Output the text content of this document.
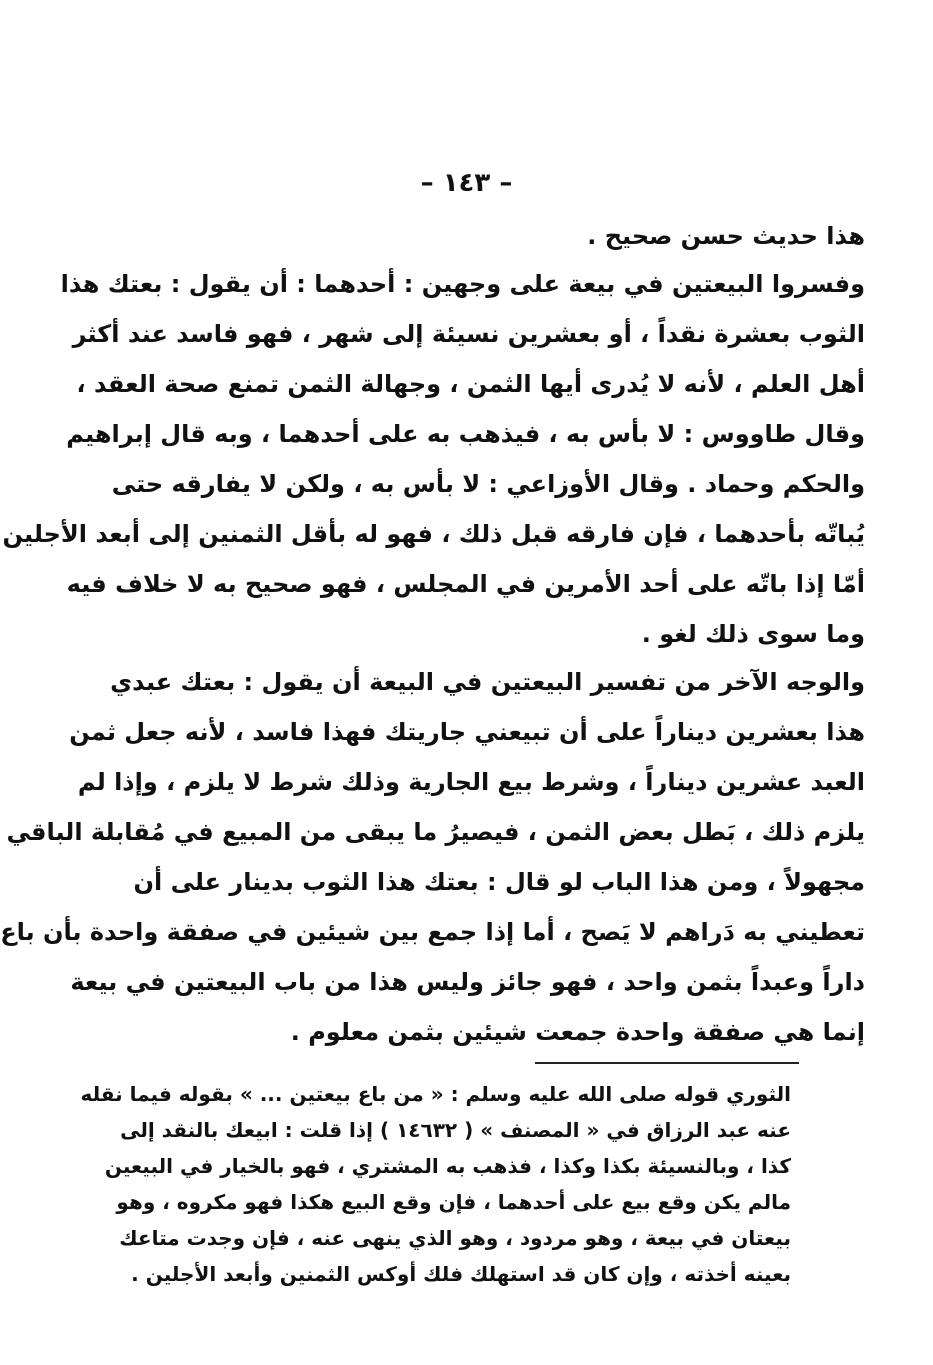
– ١٤٣ –
هذا حديث حسن صحيح .
وفسروا البيعتين في بيعة على وجهين : أحدهما : أن يقول : بعتك هذا
الثوب بعشرة نقداً ، أو بعشرين نسيئة إلى شهر ، فهو فاسد عند أكثر
أهل العلم ، لأنه لا يُدرى أيها الثمن ، وجهالة الثمن تمنع صحة العقد ،
وقال طاووس : لا بأس به ، فيذهب به على أحدهما ، وبه قال إبراهيم
والحكم وحماد . وقال الأوزاعي : لا بأس به ، ولكن لا يفارقه حتى
يُباتّه بأحدهما ، فإن فارقه قبل ذلك ، فهو له بأقل الثمنين إلى أبعد الأجلين
أمّا إذا باتّه على أحد الأمرين في المجلس ، فهو صحيح به لا خلاف فيه
وما سوى ذلك لغو .
والوجه الآخر من تفسير البيعتين في البيعة أن يقول : بعتك عبدي
هذا بعشرين ديناراً على أن تبيعني جاريتك فهذا فاسد ، لأنه جعل ثمن
العبد عشرين ديناراً ، وشرط بيع الجارية وذلك شرط لا يلزم ، وإذا لم
يلزم ذلك ، بَطل بعض الثمن ، فيصيرُ ما يبقى من المبيع في مُقابلة الباقي
مجهولاً ، ومن هذا الباب لو قال : بعتك هذا الثوب بدينار على أن
تعطيني به دَراهم لا يَصح ، أما إذا جمع بين شيئين في صفقة واحدة بأن باع
داراً وعبداً بثمن واحد ، فهو جائز وليس هذا من باب البيعتين في بيعة
إنما هي صفقة واحدة جمعت شيئين بثمن معلوم .
الثوري قوله صلى الله عليه وسلم : « من باع بيعتين ... » بقوله فيما نقله
عنه عبد الرزاق في « المصنف » ( ١٤٦٣٢ ) إذا قلت : ابيعك بالنقد إلى
كذا ، وبالنسيئة بكذا وكذا ، فذهب به المشتري ، فهو بالخيار في البيعين
مالم يكن وقع بيع على أحدهما ، فإن وقع البيع هكذا فهو مكروه ، وهو
بيعتان في بيعة ، وهو مردود ، وهو الذي ينهى عنه ، فإن وجدت متاعك
بعينه أخذته ، وإن كان قد استهلك فلك أوكس الثمنين وأبعد الأجلين .
